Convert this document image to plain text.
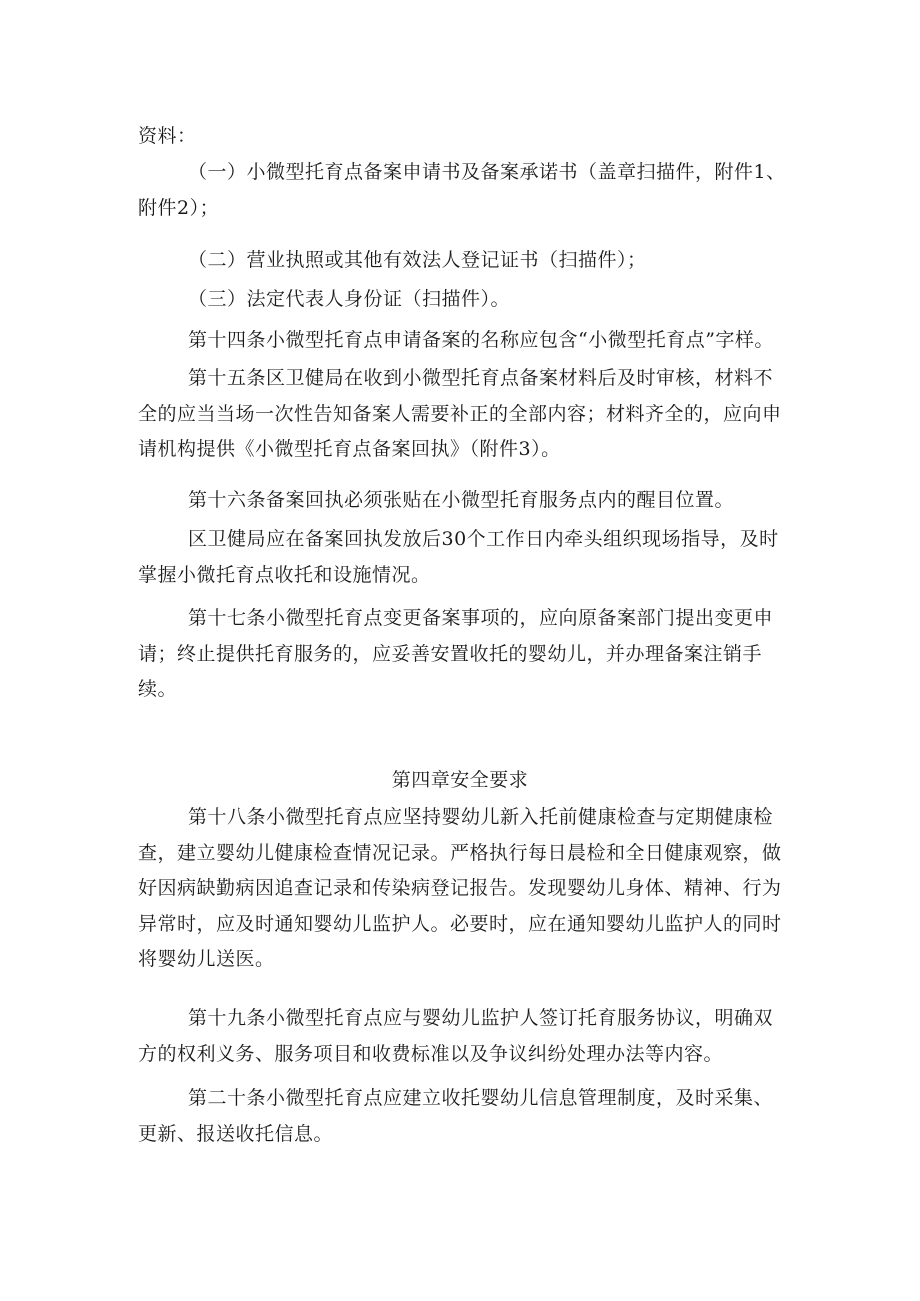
资料：

（一）小微型托育点备案申请书及备案承诺书（盖章扫描件，附件1、附件2）；

（二）营业执照或其他有效法人登记证书（扫描件）；

（三）法定代表人身份证（扫描件）。

第十四条小微型托育点申请备案的名称应包含“小微型托育点”字样。

第十五条区卫健局在收到小微型托育点备案材料后及时审核，材料不全的应当当场一次性告知备案人需要补正的全部内容；材料齐全的，应向申请机构提供《小微型托育点备案回执》（附件3）。

第十六条备案回执必须张贴在小微型托育服务点内的醒目位置。

区卫健局应在备案回执发放后30个工作日内牵头组织现场指导，及时掌握小微托育点收托和设施情况。

第十七条小微型托育点变更备案事项的，应向原备案部门提出变更申请；终止提供托育服务的，应妥善安置收托的婴幼儿，并办理备案注销手续。

第四章安全要求

第十八条小微型托育点应坚持婴幼儿新入托前健康检查与定期健康检查，建立婴幼儿健康检查情况记录。严格执行每日晨检和全日健康观察，做好因病缺勤病因追查记录和传染病登记报告。发现婴幼儿身体、精神、行为异常时，应及时通知婴幼儿监护人。必要时，应在通知婴幼儿监护人的同时将婴幼儿送医。

第十九条小微型托育点应与婴幼儿监护人签订托育服务协议，明确双方的权利义务、服务项目和收费标准以及争议纠纷处理办法等内容。

第二十条小微型托育点应建立收托婴幼儿信息管理制度，及时采集、更新、报送收托信息。
